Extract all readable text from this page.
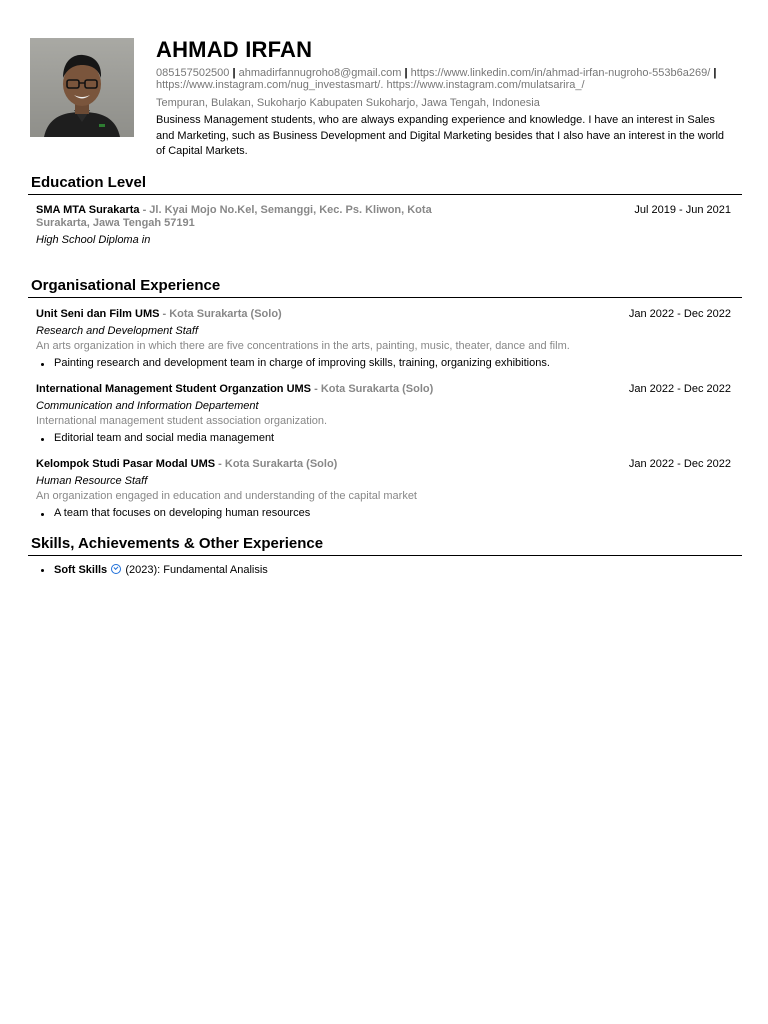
AHMAD IRFAN
085157502500 | ahmadirfannugroho8@gmail.com | https://www.linkedin.com/in/ahmad-irfan-nugroho-553b6a269/ | https://www.instagram.com/nug_investasmart/. https://www.instagram.com/mulatsarira_/
Tempuran, Bulakan, Sukoharjo Kabupaten Sukoharjo, Jawa Tengah, Indonesia
Business Management students, who are always expanding experience and knowledge. I have an interest in Sales and Marketing, such as Business Development and Digital Marketing besides that I also have an interest in the world of Capital Markets.
Education Level
SMA MTA Surakarta - Jl. Kyai Mojo No.Kel, Semanggi, Kec. Ps. Kliwon, Kota Surakarta, Jawa Tengah 57191
Jul 2019 - Jun 2021
High School Diploma in
Organisational Experience
Unit Seni dan Film UMS - Kota Surakarta (Solo)	Jan 2022 - Dec 2022
Research and Development Staff
An arts organization in which there are five concentrations in the arts, painting, music, theater, dance and film.
Painting research and development team in charge of improving skills, training, organizing exhibitions.
International Management Student Organzation UMS - Kota Surakarta (Solo)	Jan 2022 - Dec 2022
Communication and Information Departement
International management student association organization.
Editorial team and social media management
Kelompok Studi Pasar Modal UMS - Kota Surakarta (Solo)	Jan 2022 - Dec 2022
Human Resource Staff
An organization engaged in education and understanding of the capital market
A team that focuses on developing human resources
Skills, Achievements & Other Experience
Soft Skills (2023): Fundamental Analisis
